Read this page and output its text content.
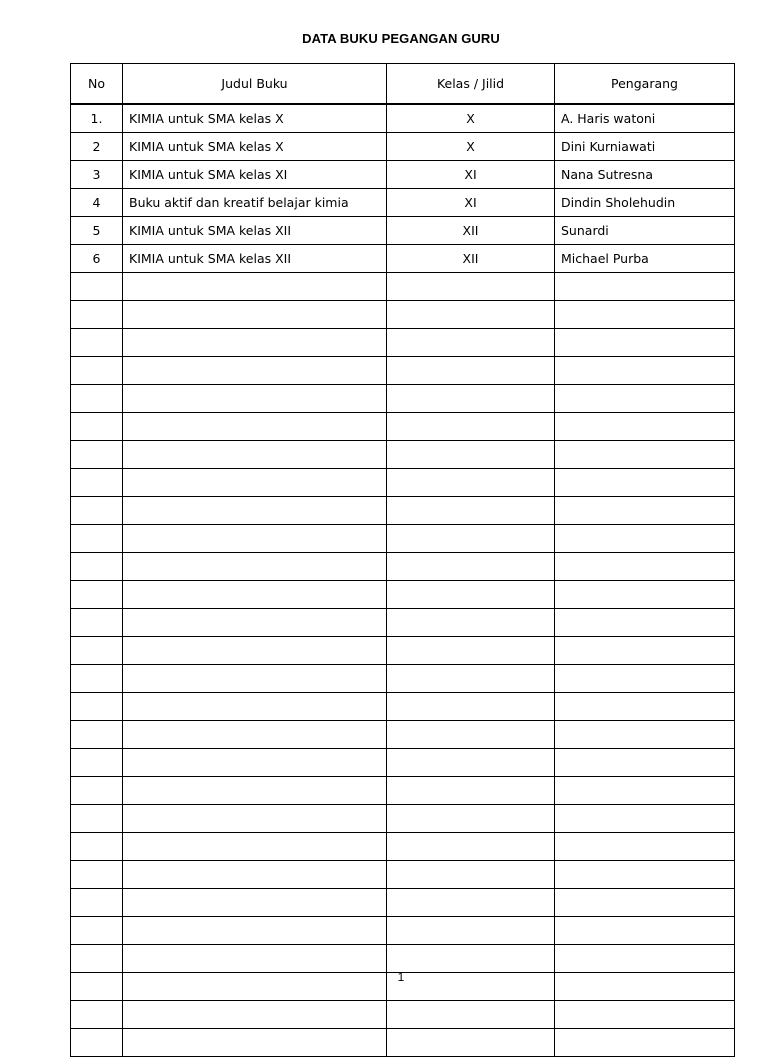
DATA BUKU PEGANGAN GURU
No	Judul Buku	Kelas / Jilid	Pengarang
1.	KIMIA untuk SMA kelas X	X	A. Haris watoni
2	KIMIA untuk SMA kelas X	X	Dini Kurniawati
3	KIMIA untuk SMA kelas XI	XI	Nana Sutresna
4	Buku aktif dan kreatif belajar kimia	XI	Dindin Sholehudin
5	KIMIA untuk SMA kelas XII	XII	Sunardi
6	KIMIA untuk SMA kelas XII	XII	Michael Purba

1
